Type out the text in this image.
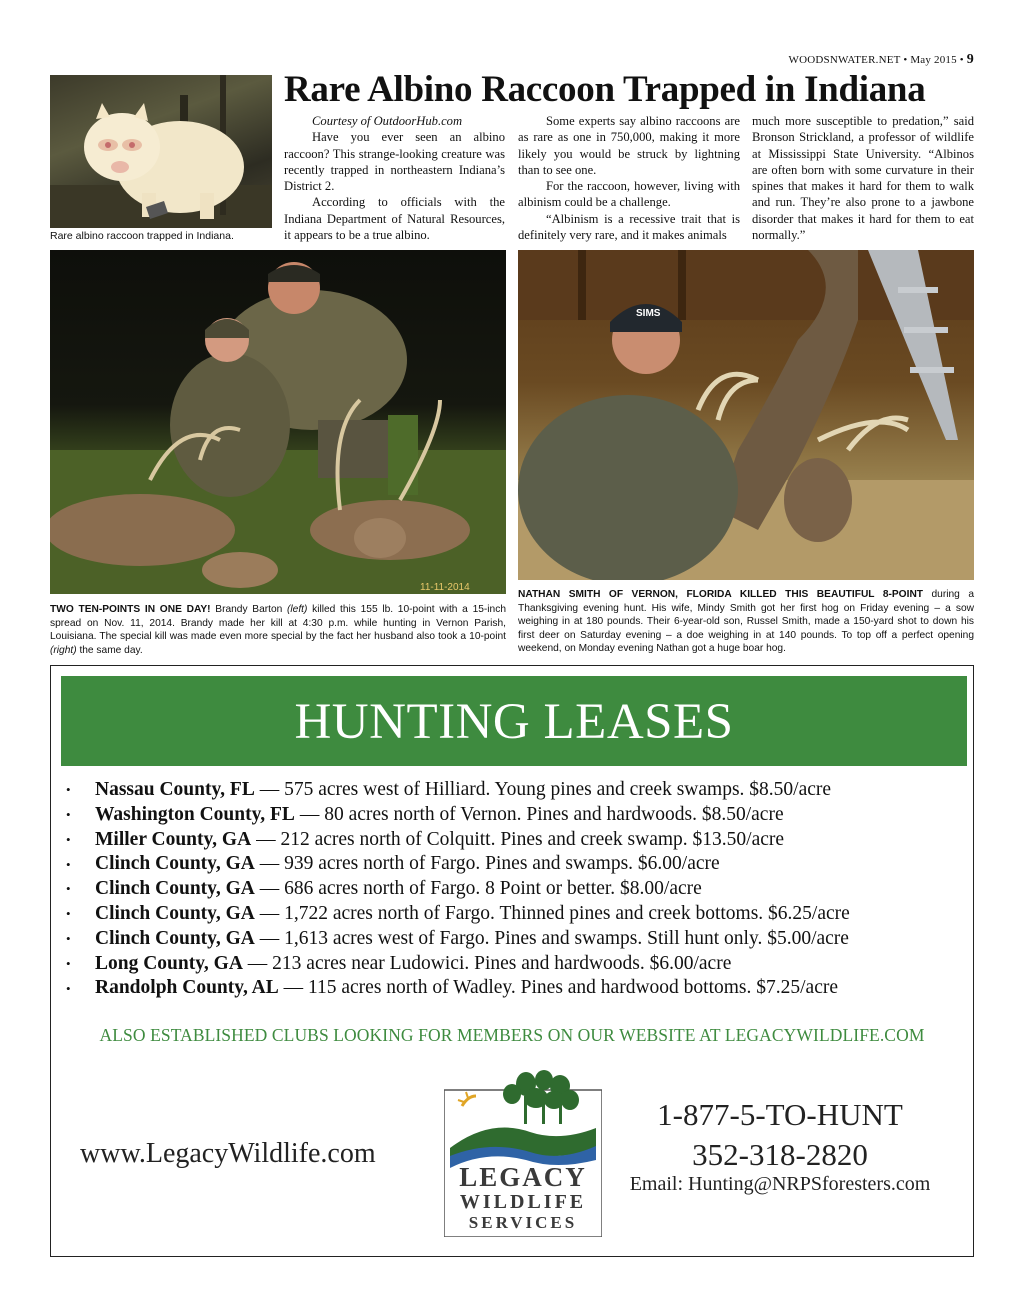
WOODSNWATER.NET • May 2015 • 9
Rare albino raccoon trapped in Indiana.
Rare Albino Raccoon Trapped in Indiana

Courtesy of OutdoorHub.com

Have you ever seen an albino raccoon? This strange-looking creature was recently trapped in northeastern Indiana’s District 2.

According to officials with the Indiana Department of Natural Resources, it appears to be a true albino.

Some experts say albino raccoons are as rare as one in 750,000, making it more likely you would be struck by lightning than to see one.

For the raccoon, however, living with albinism could be a challenge.

“Albinism is a recessive trait that is definitely very rare, and it makes animals

much more susceptible to predation,” said Bronson Strickland, a professor of wildlife at Mississippi State University. “Albinos are often born with some curvature in their spines that makes it hard for them to walk and run. They’re also prone to a jawbone disorder that makes it hard for them to eat normally.”

11-11-2014
TWO TEN-POINTS IN ONE DAY! Brandy Barton (left) killed this 155 lb. 10-point with a 15-inch spread on Nov. 11, 2014. Brandy made her kill at 4:30 p.m. while hunting in Vernon Parish, Louisiana. The special kill was made even more special by the fact her husband also took a 10-point (right) the same day.
SIMS
NATHAN SMITH OF VERNON, FLORIDA KILLED THIS BEAUTIFUL 8-POINT during a Thanksgiving evening hunt. His wife, Mindy Smith got her first hog on Friday evening – a sow weighing in at 180 pounds. Their 6-year-old son, Russel Smith, made a 150-yard shot to down his first deer on Saturday evening – a doe weighing in at 140 pounds. To top off a perfect opening weekend, on Monday evening Nathan got a huge boar hog.
HUNTING LEASES
• Nassau County, FL — 575 acres west of Hilliard. Young pines and creek swamps. $8.50/acre
• Washington County, FL — 80 acres north of Vernon. Pines and hardwoods. $8.50/acre
• Miller County, GA — 212 acres north of Colquitt. Pines and creek swamp. $13.50/acre
• Clinch County, GA — 939 acres north of Fargo. Pines and swamps. $6.00/acre
• Clinch County, GA — 686 acres north of Fargo. 8 Point or better. $8.00/acre
• Clinch County, GA — 1,722 acres north of Fargo. Thinned pines and creek bottoms. $6.25/acre
• Clinch County, GA — 1,613 acres west of Fargo. Pines and swamps. Still hunt only. $5.00/acre
• Long County, GA — 213 acres near Ludowici. Pines and hardwoods. $6.00/acre
• Randolph County, AL — 115 acres north of Wadley. Pines and hardwood bottoms. $7.25/acre
ALSO ESTABLISHED CLUBS LOOKING FOR MEMBERS ON OUR WEBSITE AT LEGACYWILDLIFE.COM
www.LegacyWildlife.com
1-877-5-TO-HUNT
352-318-2820
Email: Hunting@NRPSforesters.com
LEGACY
WILDLIFE
SERVICES
